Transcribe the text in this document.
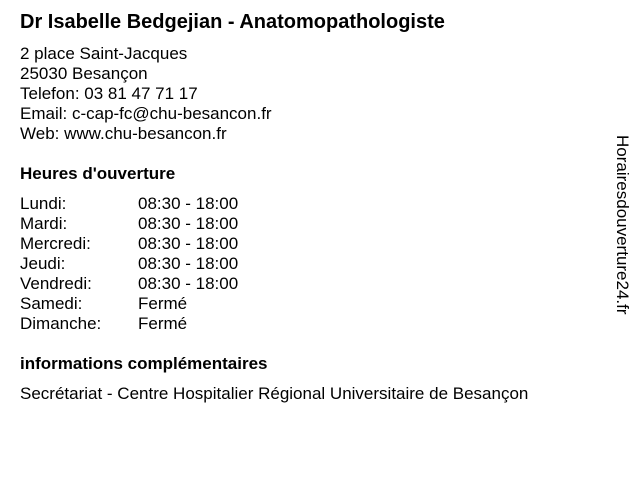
Dr Isabelle Bedgejian - Anatomopathologiste
2 place Saint-Jacques
25030 Besançon
Telefon: 03 81 47 71 17
Email: c-cap-fc@chu-besancon.fr
Web: www.chu-besancon.fr
Heures d'ouverture
Lundi:	08:30 - 18:00
Mardi:	08:30 - 18:00
Mercredi:	08:30 - 18:00
Jeudi:	08:30 - 18:00
Vendredi:	08:30 - 18:00
Samedi:	Fermé
Dimanche:	Fermé
informations complémentaires
Secrétariat - Centre Hospitalier Régional Universitaire de Besançon
Horairesdouverture24.fr
